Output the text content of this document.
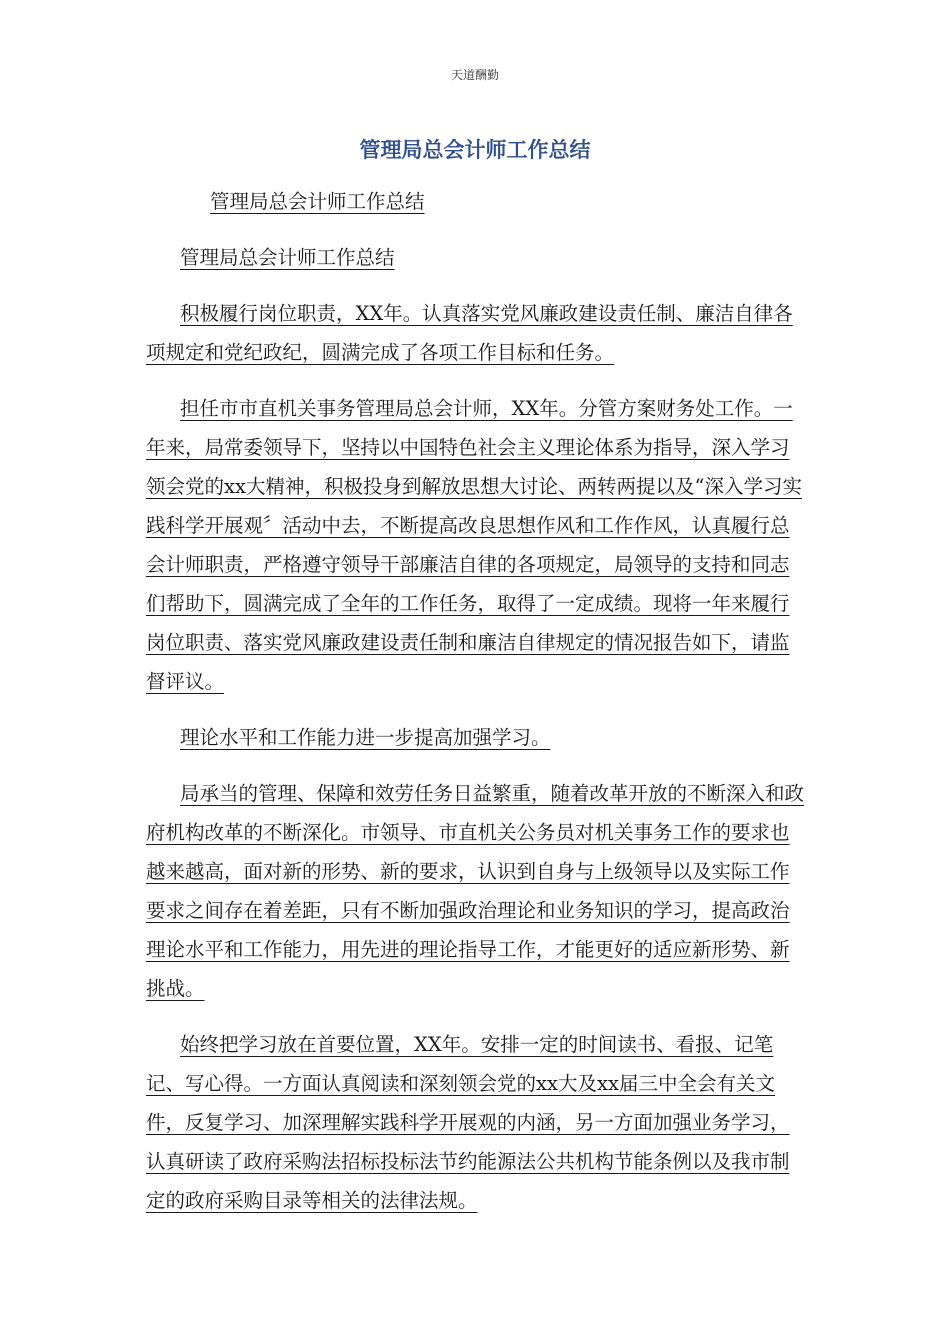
天道酬勤
管理局总会计师工作总结

管理局总会计师工作总结

管理局总会计师工作总结

积极履行岗位职责，XX年。认真落实党风廉政建设责任制、廉洁自律各项规定和党纪政纪，圆满完成了各项工作目标和任务。

担任市市直机关事务管理局总会计师，XX年。分管方案财务处工作。一年来，局常委领导下，坚持以中国特色社会主义理论体系为指导，深入学习领会党的xx大精神，积极投身到解放思想大讨论、两转两提以及“深入学习实践科学开展观〞活动中去，不断提高改良思想作风和工作作风，认真履行总会计师职责，严格遵守领导干部廉洁自律的各项规定，局领导的支持和同志们帮助下，圆满完成了全年的工作任务，取得了一定成绩。现将一年来履行岗位职责、落实党风廉政建设责任制和廉洁自律规定的情况报告如下，请监督评议。

理论水平和工作能力进一步提高加强学习。

局承当的管理、保障和效劳任务日益繁重，随着改革开放的不断深入和政府机构改革的不断深化。市领导、市直机关公务员对机关事务工作的要求也越来越高，面对新的形势、新的要求，认识到自身与上级领导以及实际工作要求之间存在着差距，只有不断加强政治理论和业务知识的学习，提高政治理论水平和工作能力，用先进的理论指导工作，才能更好的适应新形势、新挑战。

始终把学习放在首要位置，XX年。安排一定的时间读书、看报、记笔记、写心得。一方面认真阅读和深刻领会党的xx大及xx届三中全会有关文件，反复学习、加深理解实践科学开展观的内涵，另一方面加强业务学习，认真研读了政府采购法招标投标法节约能源法公共机构节能条例以及我市制定的政府采购目录等相关的法律法规。
